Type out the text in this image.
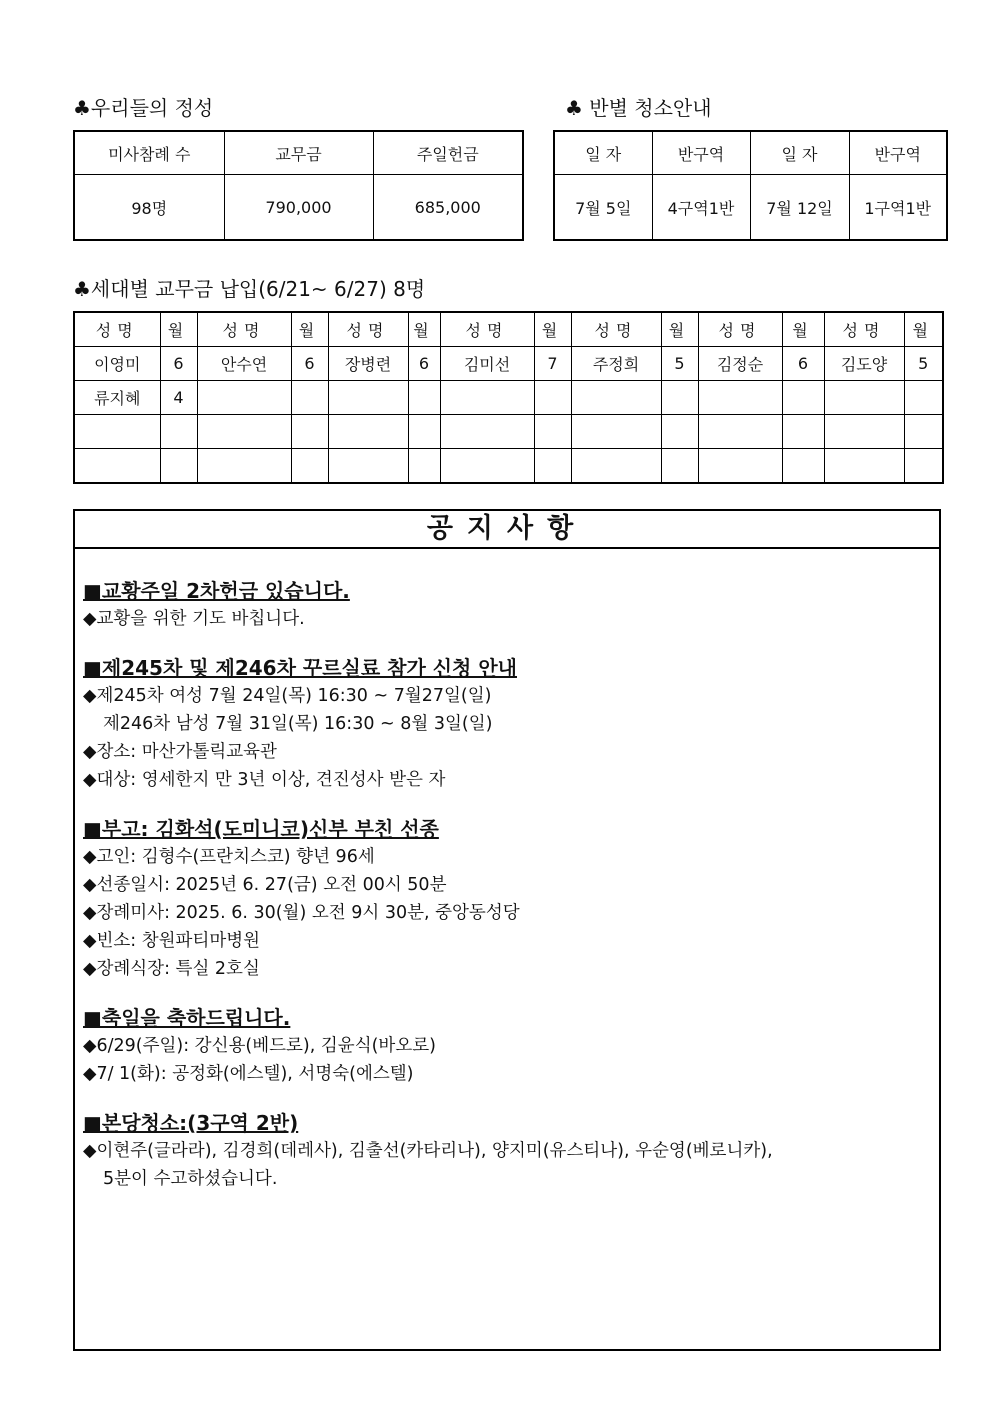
♣우리들의 정성
미사참례 수	교무금	주일헌금
98명	790,000	685,000
♣ 반별 청소안내
일 자	반구역	일 자	반구역
7월 5일	4구역1반	7월 12일	1구역1반
♣세대별 교무금 납입(6/21~ 6/27) 8명
성명	월	성명	월	성명	월	성명	월	성명	월	성명	월	성명	월
이영미	6	안수연	6	장병련	6	김미선	7	주정희	5	김정순	6	김도양	5
류지혜	4												

공지사항
■교황주일 2차헌금 있습니다.
◆교황을 위한 기도 바칩니다.
■제245차 및 제246차 꾸르실료 참가 신청 안내
◆제245차 여성 7월 24일(목) 16:30 ~ 7월27일(일)
제246차 남성 7월 31일(목) 16:30 ~ 8월 3일(일)
◆장소: 마산가톨릭교육관
◆대상: 영세한지 만 3년 이상, 견진성사 받은 자
■부고: 김화석(도미니코)신부 부친 선종
◆고인: 김형수(프란치스코) 향년 96세
◆선종일시: 2025년 6. 27(금) 오전 00시 50분
◆장례미사: 2025. 6. 30(월) 오전 9시 30분, 중앙동성당
◆빈소: 창원파티마병원
◆장례식장: 특실 2호실
■축일을 축하드립니다.
◆6/29(주일): 강신용(베드로), 김윤식(바오로)
◆7/ 1(화): 공정화(에스텔), 서명숙(에스텔)
■본당청소:(3구역 2반)
◆이현주(글라라), 김경희(데레사), 김출선(카타리나), 양지미(유스티나), 우순영(베로니카),
5분이 수고하셨습니다.
